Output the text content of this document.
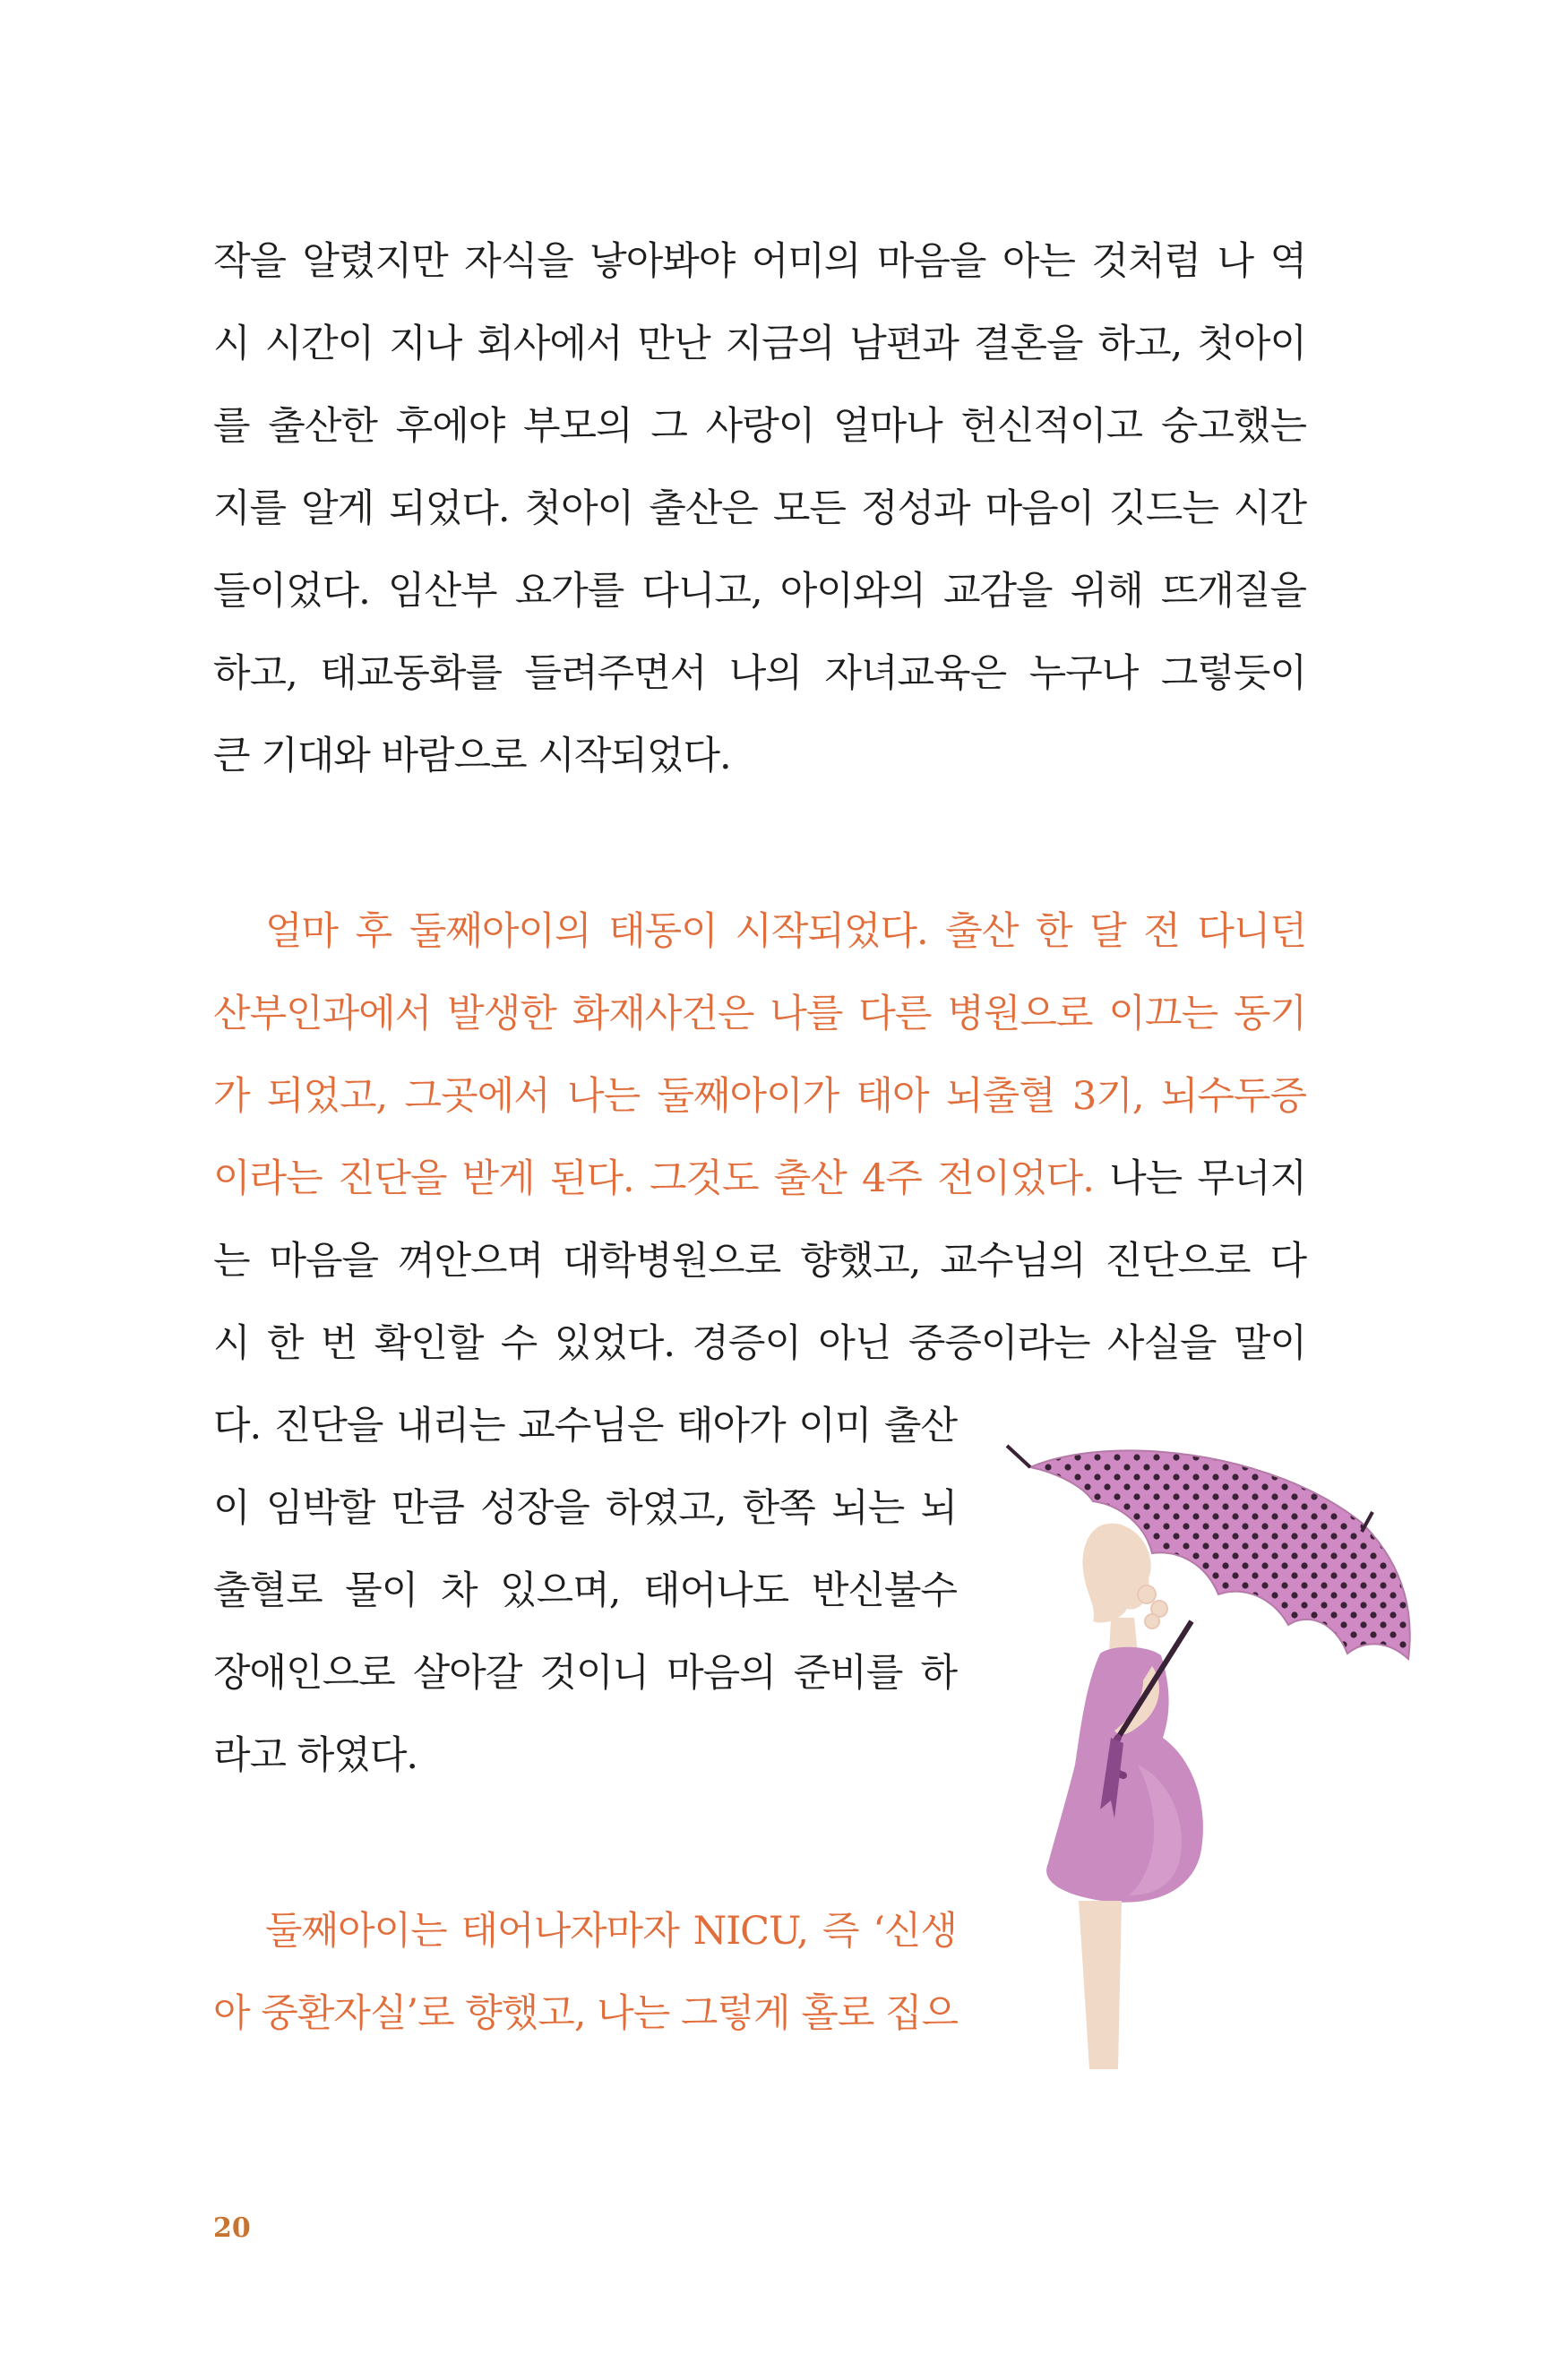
작을 알렸지만 자식을 낳아봐야 어미의 마음을 아는 것처럼 나 역
시 시간이 지나 회사에서 만난 지금의 남편과 결혼을 하고, 첫아이
를 출산한 후에야 부모의 그 사랑이 얼마나 헌신적이고 숭고했는
지를 알게 되었다. 첫아이 출산은 모든 정성과 마음이 깃드는 시간
들이었다. 임산부 요가를 다니고, 아이와의 교감을 위해 뜨개질을
하고, 태교동화를 들려주면서 나의 자녀교육은 누구나 그렇듯이
큰 기대와 바람으로 시작되었다.
얼마 후 둘째아이의 태동이 시작되었다. 출산 한 달 전 다니던
산부인과에서 발생한 화재사건은 나를 다른 병원으로 이끄는 동기
가 되었고, 그곳에서 나는 둘째아이가 태아 뇌출혈 3기, 뇌수두증
이라는 진단을 받게 된다. 그것도 출산 4주 전이었다. 나는 무너지
는 마음을 껴안으며 대학병원으로 향했고, 교수님의 진단으로 다
시 한 번 확인할 수 있었다. 경증이 아닌 중증이라는 사실을 말이
다. 진단을 내리는 교수님은 태아가 이미 출산
이 임박할 만큼 성장을 하였고, 한쪽 뇌는 뇌
출혈로 물이 차 있으며, 태어나도 반신불수
장애인으로 살아갈 것이니 마음의 준비를 하
라고 하였다.
둘째아이는 태어나자마자 NICU, 즉 ‘신생
아 중환자실’로 향했고, 나는 그렇게 홀로 집으
20
